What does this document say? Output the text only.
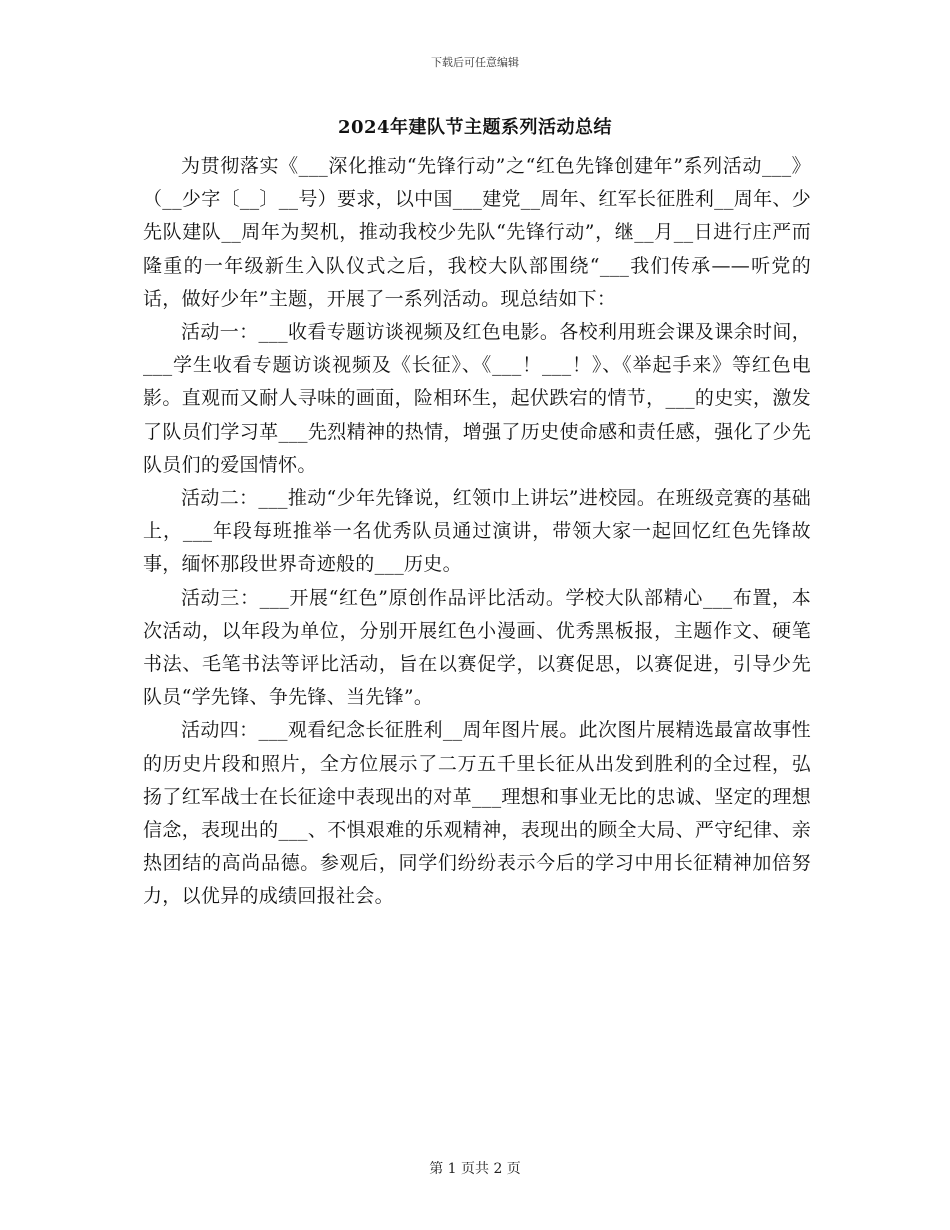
下载后可任意编辑
2024年建队节主题系列活动总结

为贯彻落实《___深化推动“先锋行动”之“红色先锋创建年”系列活动___》（__少字〔__〕__号）要求，以中国___建党__周年、红军长征胜利__周年、少先队建队__周年为契机，推动我校少先队“先锋行动”，继__月__日进行庄严而隆重的一年级新生入队仪式之后，我校大队部围绕“___我们传承——听党的话，做好少年”主题，开展了一系列活动。现总结如下：

活动一：___收看专题访谈视频及红色电影。各校利用班会课及课余时间，___学生收看专题访谈视频及《长征》、《___！___！》、《举起手来》等红色电影。直观而又耐人寻味的画面，险相环生，起伏跌宕的情节，___的史实，激发了队员们学习革___先烈精神的热情，增强了历史使命感和责任感，强化了少先队员们的爱国情怀。

活动二：___推动“少年先锋说，红领巾上讲坛”进校园。在班级竞赛的基础上，___年段每班推举一名优秀队员通过演讲，带领大家一起回忆红色先锋故事，缅怀那段世界奇迹般的___历史。

活动三：___开展“红色”原创作品评比活动。学校大队部精心___布置，本次活动，以年段为单位，分别开展红色小漫画、优秀黑板报，主题作文、硬笔书法、毛笔书法等评比活动，旨在以赛促学，以赛促思，以赛促进，引导少先队员“学先锋、争先锋、当先锋”。

活动四：___观看纪念长征胜利__周年图片展。此次图片展精选最富故事性的历史片段和照片，全方位展示了二万五千里长征从出发到胜利的全过程，弘扬了红军战士在长征途中表现出的对革___理想和事业无比的忠诚、坚定的理想信念，表现出的___、不惧艰难的乐观精神，表现出的顾全大局、严守纪律、亲热团结的高尚品德。参观后，同学们纷纷表示今后的学习中用长征精神加倍努力，以优异的成绩回报社会。

第 1 页共 2 页
